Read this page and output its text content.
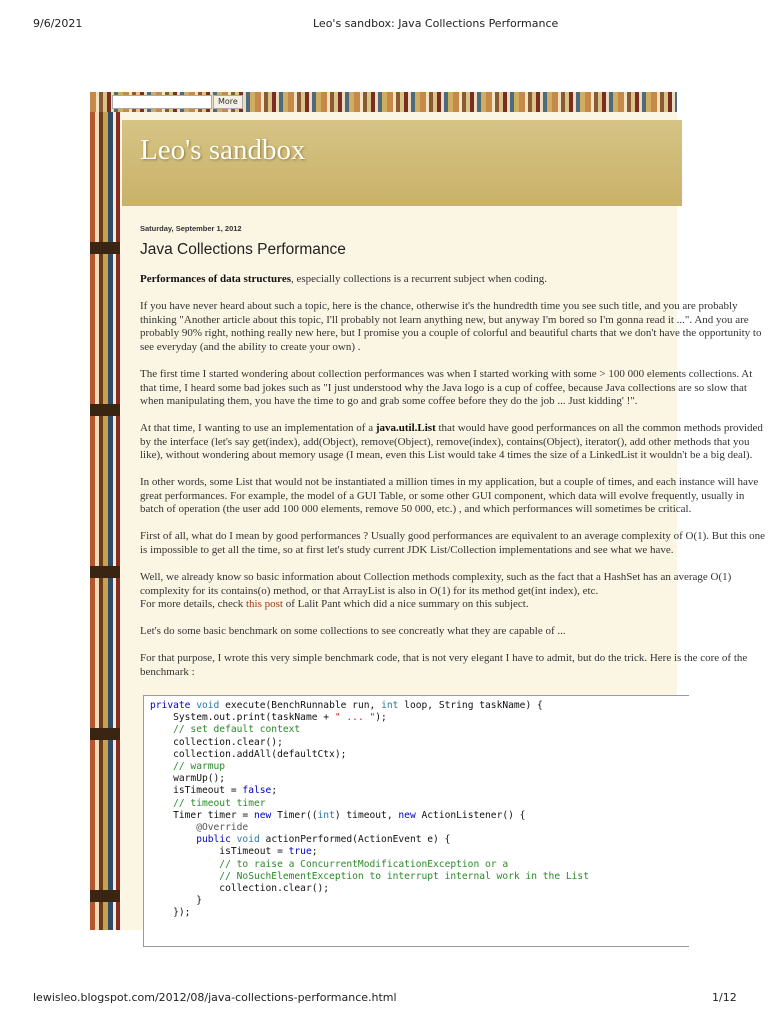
9/6/2021	Leo's sandbox: Java Collections Performance
More
Leo's sandbox
Saturday, September 1, 2012
Java Collections Performance
Performances of data structures, especially collections is a recurrent subject when coding.
If you have never heard about such a topic, here is the chance, otherwise it's the hundredth time you see such title, and you are probably
thinking "Another article about this topic, I'll probably not learn anything new, but anyway I'm bored so I'm gonna read it ...". And you are
probably 90% right, nothing really new here, but I promise you a couple of colorful and beautiful charts that we don't have the opportunity to
see everyday (and the ability to create your own) .
The first time I started wondering about collection performances was when I started working with some > 100 000 elements collections. At
that time, I heard some bad jokes such as "I just understood why the Java logo is a cup of coffee, because Java collections are so slow that
when manipulating them, you have the time to go and grab some coffee before they do the job ... Just kidding' !".
At that time, I wanting to use an implementation of a java.util.List that would have good performances on all the common methods provided
by the interface (let's say get(index), add(Object), remove(Object), remove(index), contains(Object), iterator(), add other methods that you
like), without wondering about memory usage (I mean, even this List would take 4 times the size of a LinkedList it wouldn't be a big deal).
In other words, some List that would not be instantiated a million times in my application, but a couple of times, and each instance will have
great performances. For example, the model of a GUI Table, or some other GUI component, which data will evolve frequently, usually in
batch of operation (the user add 100 000 elements, remove 50 000, etc.) , and which performances will sometimes be critical.
First of all, what do I mean by good performances ? Usually good performances are equivalent to an average complexity of O(1). But this one
is impossible to get all the time, so at first let's study current JDK List/Collection implementations and see what we have.
Well, we already know so basic information about Collection methods complexity, such as the fact that a HashSet has an average O(1)
complexity for its contains(o) method, or that ArrayList is also in O(1) for its method get(int index), etc.
For more details, check this post of Lalit Pant which did a nice summary on this subject.
Let's do some basic benchmark on some collections to see concreatly what they are capable of ...
For that purpose, I wrote this very simple benchmark code, that is not very elegant I have to admit, but do the trick. Here is the core of the
benchmark :
private void execute(BenchRunnable run, int loop, String taskName) {
System.out.print(taskName + " ... ");
// set default context
collection.clear();
collection.addAll(defaultCtx);
// warmup
warmUp();
isTimeout = false;
// timeout timer
Timer timer = new Timer((int) timeout, new ActionListener() {
@Override
public void actionPerformed(ActionEvent e) {
isTimeout = true;
// to raise a ConcurrentModificationException or a
// NoSuchElementException to interrupt internal work in the List
collection.clear();
}
});
lewisleo.blogspot.com/2012/08/java-collections-performance.html	1/12
